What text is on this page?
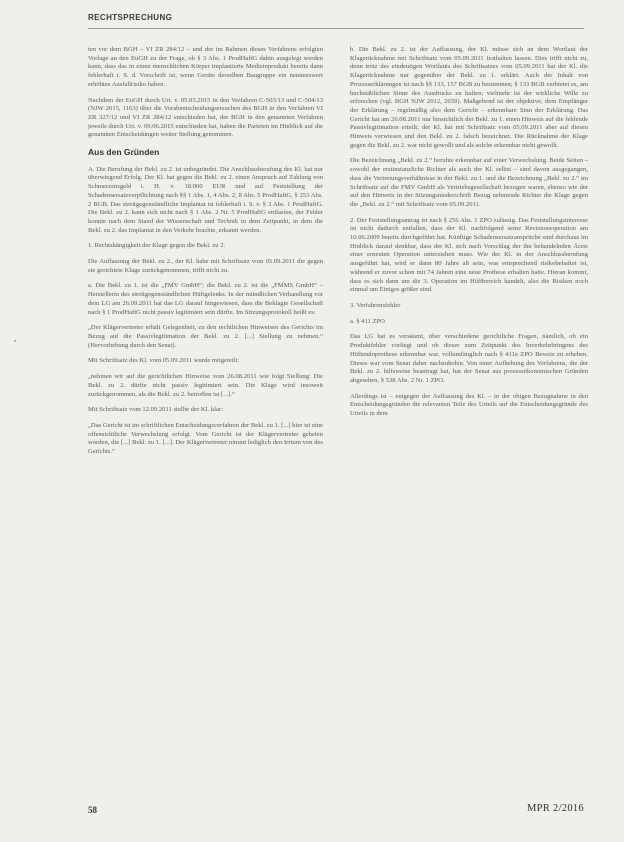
RECHTSPRECHUNG

ten vor dem BGH – VI ZR 284/12 – und der im Rahmen dieses Verfahrens erfolgten Vorlage an den EuGH zu der Frage, ob § 3 Abs. 1 ProdHaftG dahin ausgelegt werden kann, dass das in einen menschlichen Körper implantierte Medizinprodukt bereits dann fehlerhaft i. S. d. Vorschrift ist, wenn Geräte derselben Baugruppe ein nennenswert erhöhtes Ausfallrisiko haben.

Nachdem der EuGH durch Urt. v. 05.03.2015 in den Verfahren C-503/13 und C-504/13 (NJW 2015, 1163) über die Vorabentscheidungsersuchen des BGH in den Verfahren VI ZR 327/12 und VI ZR 284/12 entschieden hat, der BGH in den genannten Verfahren jeweils durch Urt. v. 09.06.2015 entschieden hat, haben die Parteien im Hinblick auf die genannten Entscheidungen weiter Stellung genommen.

Aus den Gründen

A. Die Berufung der Bekl. zu 2. ist unbegründet. Die Anschlussberufung des Kl. hat nur überwiegend Erfolg. Der Kl. hat gegen die Bekl. zu 2. einen Anspruch auf Zahlung von Schmerzensgeld i. H. v. 18.000 EUR und auf Feststellung der Schadensersatzverpflichtung nach §§ 1 Abs. 1, 4 Abs. 2, 8 Abs. 5 ProdHaftG, § 253 Abs. 2 BGB. Das streitgegenständliche Implantat ist fehlerhaft i. S. v. § 3 Abs. 1 ProdHaftG. Die Bekl. zu 2. kann sich nicht nach § 1 Abs. 2 Nr. 5 ProdHaftG entlasten, der Fehler konnte nach dem Stand der Wissenschaft und Technik in dem Zeitpunkt, in dem die Bekl. zu 2. das Implantat in den Verkehr brachte, erkannt werden.

1. Rechtshängigkeit der Klage gegen die Bekl. zu 2.

Die Auffassung der Bekl. zu 2., der Kl. habe mit Schriftsatz vom 05.09.2011 die gegen sie gerichtete Klage zurückgenommen, trifft nicht zu.

a. Die Bekl. zu 1. ist die „FMV GmbH“; die Bekl. zu 2. ist die „FMMS GmbH“ – Herstellerin des streitgegenständlichen Hüftgelenks. In der mündlichen Verhandlung vor dem LG am 26.09.2011 hat das LG darauf hingewiesen, dass die Beklagte Gesellschaft nach § 1 ProdHaftG nicht passiv legitimiert sein dürfte. Im Sitzungsprotokoll heißt es:

„Der Klägervertreter erhält Gelegenheit, zu den rechtlichen Hinweisen des Gerichts im Bezug auf die Passivlegitimation der Bekl. zu 2. [...] Stellung zu nehmen.“ (Hervorhebung durch den Senat).

Mit Schriftsatz des Kl. vom 05.09.2011 wurde mitgeteilt:

„nehmen wir auf die gerichtlichen Hinweise vom 26.08.2011 wie folgt Stellung: Die Bekl. zu 2. dürfte nicht passiv legitimiert sein. Die Klage wird insoweit zurückgenommen, als die Bekl. zu 2. betroffen ist [...].“

Mit Schriftsatz vom 12.09.2011 stellte der Kl. klar:

„Das Gericht ist im schriftlichen Entscheidungsverfahren der Bekl. zu 1. [...] hier ist eine offensichtliche Verwechslung erfolgt. Vom Gericht ist der Klägervertreter gebeten worden, die [...] Bekl. zu 1. [...]. Der Klägervertreter nimmt lediglich den Irrtum von des Gerichts.“

b. Die Bekl. zu 2. ist der Auffassung, der Kl. müsse sich an dem Wortlaut der Klagerücknahme mit Schriftsatz vom 05.09.2011 festhalten lassen. Dies trifft nicht zu, denn trotz des eindeutigen Wortlauts des Schriftsatzes vom 05.09.2011 hat der Kl. die Klagerücknahme nur gegenüber der Bekl. zu 1. erklärt. Auch der Inhalt von Prozesserklärungen ist nach §§ 133, 157 BGB zu bestimmen; § 133 BGB verbietet es, am buchstäblichen Sinne des Ausdrucks zu haften; vielmehr ist der wirkliche Wille zu erforschen (vgl. BGH NJW 2012, 2659). Maßgebend ist der objektive, dem Empfänger der Erklärung – regelmäßig also dem Gericht – erkennbare Sinn der Erklärung. Das Gericht hat am 26.08.2011 nur hinsichtlich der Bekl. zu 1. einen Hinweis auf die fehlende Passivlegitimation erteilt; der Kl. hat mit Schriftsatz vom 05.09.2011 aber auf diesen Hinweis verwiesen und den Bekl. zu 2. falsch bezeichnet. Die Rücknahme der Klage gegen die Bekl. zu 2. war nicht gewollt und als solche erkennbar nicht gewollt.

Die Bezeichnung „Bekl. zu 2.“ beruhte erkennbar auf einer Verwechslung. Beide Seiten – sowohl der erstinstanzliche Richter als auch der Kl. selbst – sind davon ausgegangen, dass die Vertretungsverhältnisse in der Bekl. zu 1. und die Bezeichnung „Bekl. zu 2.“ im Schriftsatz auf die FMV GmbH als Vertriebsgesellschaft bezogen waren, ebenso wie der auf den Hinweis in der Sitzungsniederschrift Bezug nehmende Richter die Klage gegen die „Bekl. zu 2.“ mit Schriftsatz vom 05.09.2011.

2. Der Feststellungsantrag ist nach § 256 Abs. 1 ZPO zulässig. Das Feststellungsinteresse ist nicht dadurch entfallen, dass der Kl. nachfolgend seine Revisionsoperation am 10.06.2009 bereits durchgeführt hat. Künftige Schadensersatzansprüche sind durchaus im Hinblick darauf denkbar, dass der Kl. sich nach Vorschlag der ihn behandelnden Ärzte einer erneuten Operation unterziehen muss. Wie der Kl. in der Anschlussberufung ausgeführt hat, wird er dann 80 Jahre alt sein, was entsprechend risikobehaftet ist, während er zuvor schon mit 74 Jahren eine neue Prothese erhalten hatte. Hieran kommt, dass es sich dann um die 3. Operation im Hüftbereich handelt, also die Risiken noch einmal um Einiges größer sind.

3. Verfahrensfehler

a. § 411 ZPO

Das LG hat es versäumt, über verschiedene gerichtliche Fragen, nämlich, ob ein Produktfehler vorliegt und ob dieser zum Zeitpunkt des Inverkehrbringens des Hüftendoprothese erkennbar war, vollumfänglich nach § 411a ZPO Beweis zu erheben. Dieses war vom Senat daher nachzuholen. Von einer Aufhebung des Verfahrens, die der Bekl. zu 2. hilfsweise beantragt hat, hat der Senat aus prozessökonomischen Gründen abgesehen, § 538 Abs. 2 Nr. 1 ZPO.

Allerdings ist – entgegen der Auffassung des Kl. – in der obigen Bezugnahme in den Entscheidungsgründen die relevanten Teile des Urteils auf die Entscheidungsgründe des Urteils in dem

58	MPR 2/2016
